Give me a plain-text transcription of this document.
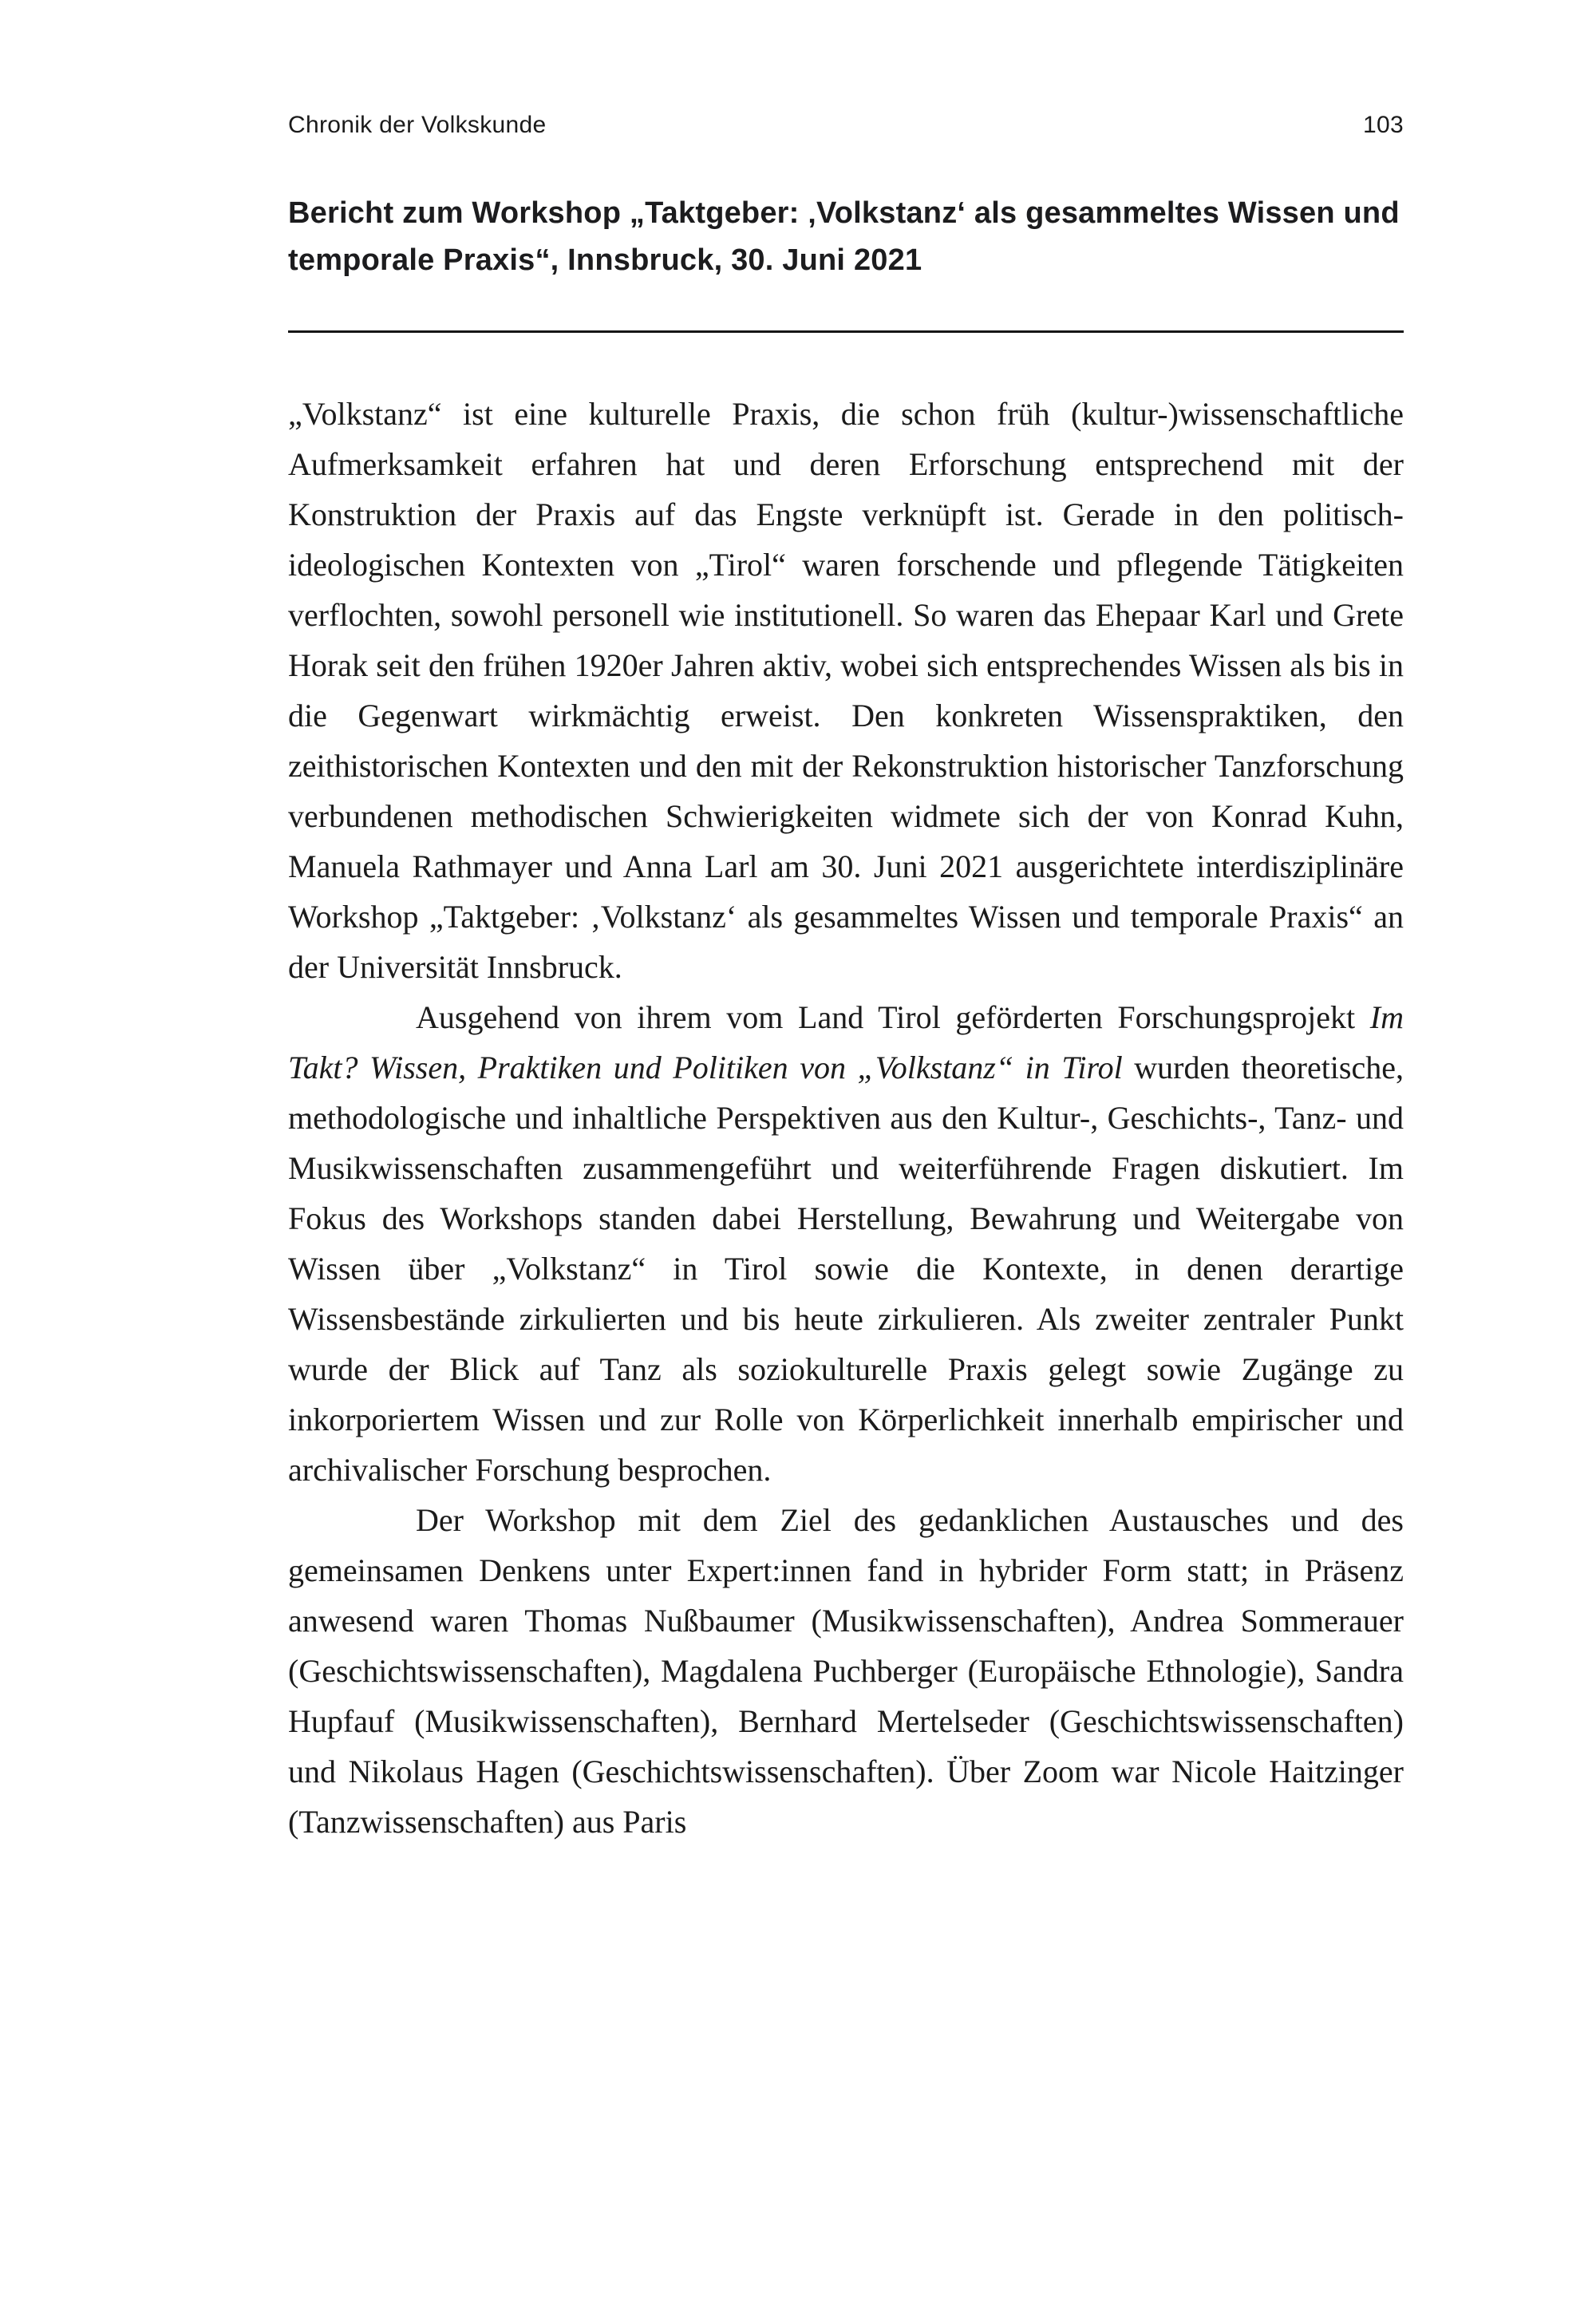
Chronik der Volkskunde	103
Bericht zum Workshop „Taktgeber: ‚Volkstanz‘ als gesammeltes Wissen und temporale Praxis“, Innsbruck, 30. Juni 2021

„Volkstanz“ ist eine kulturelle Praxis, die schon früh (kultur-)wissenschaftliche Aufmerksamkeit erfahren hat und deren Erforschung entsprechend mit der Konstruktion der Praxis auf das Engste verknüpft ist. Gerade in den politisch-ideologischen Kontexten von „Tirol“ waren forschende und pflegende Tätigkeiten verflochten, sowohl personell wie institutionell. So waren das Ehepaar Karl und Grete Horak seit den frühen 1920er Jahren aktiv, wobei sich entsprechendes Wissen als bis in die Gegenwart wirkmächtig erweist. Den konkreten Wissenspraktiken, den zeithistorischen Kontexten und den mit der Rekonstruktion historischer Tanzforschung verbundenen methodischen Schwierigkeiten widmete sich der von Konrad Kuhn, Manuela Rathmayer und Anna Larl am 30. Juni 2021 ausgerichtete interdisziplinäre Workshop „Taktgeber: ‚Volkstanz‘ als gesammeltes Wissen und temporale Praxis“ an der Universität Innsbruck.

Ausgehend von ihrem vom Land Tirol geförderten Forschungsprojekt Im Takt? Wissen, Praktiken und Politiken von „Volkstanz“ in Tirol wurden theoretische, methodologische und inhaltliche Perspektiven aus den Kultur-, Geschichts-, Tanz- und Musikwissenschaften zusammengeführt und weiterführende Fragen diskutiert. Im Fokus des Workshops standen dabei Herstellung, Bewahrung und Weitergabe von Wissen über „Volkstanz“ in Tirol sowie die Kontexte, in denen derartige Wissensbestände zirkulierten und bis heute zirkulieren. Als zweiter zentraler Punkt wurde der Blick auf Tanz als soziokulturelle Praxis gelegt sowie Zugänge zu inkorporiertem Wissen und zur Rolle von Körperlichkeit innerhalb empirischer und archivalischer Forschung besprochen.

Der Workshop mit dem Ziel des gedanklichen Austausches und des gemeinsamen Denkens unter Expert:innen fand in hybrider Form statt; in Präsenz anwesend waren Thomas Nußbaumer (Musikwissenschaften), Andrea Sommerauer (Geschichtswissenschaften), Magdalena Puchberger (Europäische Ethnologie), Sandra Hupfauf (Musikwissenschaften), Bernhard Mertelseder (Geschichtswissenschaften) und Nikolaus Hagen (Geschichtswissenschaften). Über Zoom war Nicole Haitzinger (Tanzwissenschaften) aus Paris
